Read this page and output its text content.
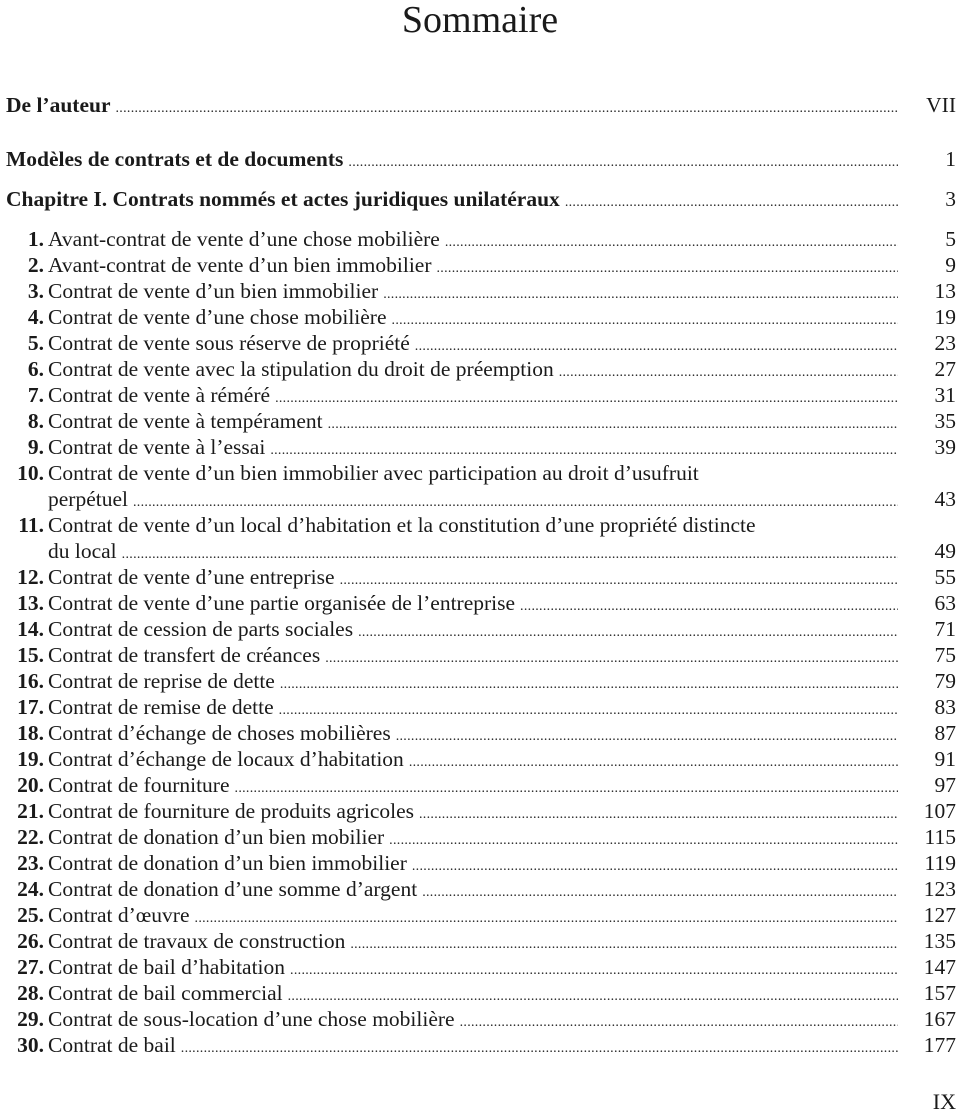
Sommaire
De l’auteur .....	VII
Modèles de contrats et de documents .....	1
Chapitre I. Contrats nommés et actes juridiques unilatéraux .....	3
1. Avant-contrat de vente d’une chose mobilière .....	5
2. Avant-contrat de vente d’un bien immobilier .....	9
3. Contrat de vente d’un bien immobilier .....	13
4. Contrat de vente d’une chose mobilière .....	19
5. Contrat de vente sous réserve de propriété .....	23
6. Contrat de vente avec la stipulation du droit de préemption .....	27
7. Contrat de vente à réméré .....	31
8. Contrat de vente à tempérament .....	35
9. Contrat de vente à l’essai .....	39
10. Contrat de vente d’un bien immobilier avec participation au droit d’usufruit
perpétuel .....	43
11. Contrat de vente d’un local d’habitation et la constitution d’une propriété distincte
du local .....	49
12. Contrat de vente d’une entreprise .....	55
13. Contrat de vente d’une partie organisée de l’entreprise .....	63
14. Contrat de cession de parts sociales .....	71
15. Contrat de transfert de créances .....	75
16. Contrat de reprise de dette .....	79
17. Contrat de remise de dette .....	83
18. Contrat d’échange de choses mobilières .....	87
19. Contrat d’échange de locaux d’habitation .....	91
20. Contrat de fourniture .....	97
21. Contrat de fourniture de produits agricoles .....	107
22. Contrat de donation d’un bien mobilier .....	115
23. Contrat de donation d’un bien immobilier .....	119
24. Contrat de donation d’une somme d’argent .....	123
25. Contrat d’œuvre .....	127
26. Contrat de travaux de construction .....	135
27. Contrat de bail d’habitation .....	147
28. Contrat de bail commercial .....	157
29. Contrat de sous-location d’une chose mobilière .....	167
30. Contrat de bail .....	177
IX
